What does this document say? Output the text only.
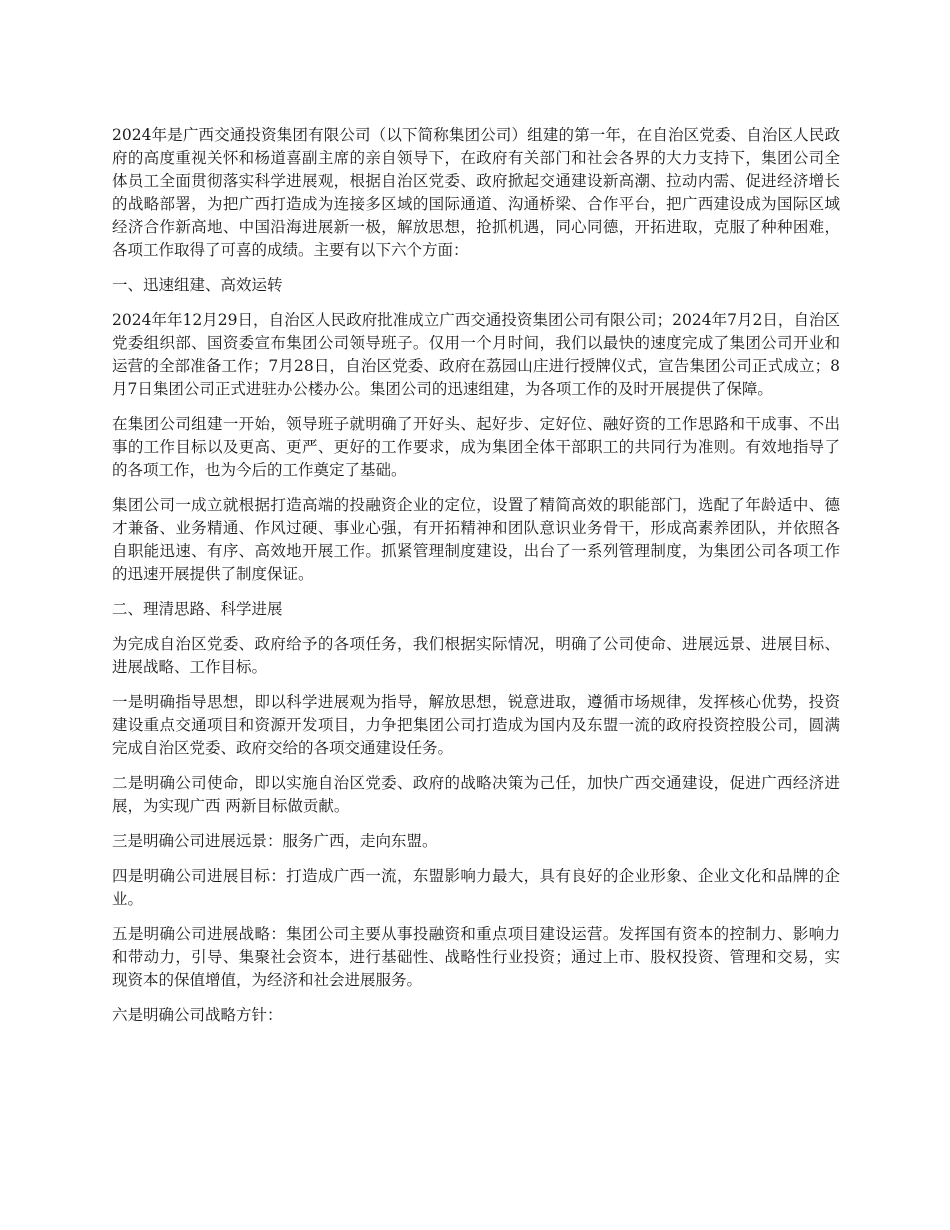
2024年是广西交通投资集团有限公司（以下简称集团公司）组建的第一年，在自治区党委、自治区人民政府的高度重视关怀和杨道喜副主席的亲自领导下，在政府有关部门和社会各界的大力支持下，集团公司全体员工全面贯彻落实科学进展观，根据自治区党委、政府掀起交通建设新高潮、拉动内需、促进经济增长的战略部署，为把广西打造成为连接多区域的国际通道、沟通桥梁、合作平台，把广西建设成为国际区域经济合作新高地、中国沿海进展新一极，解放思想，抢抓机遇，同心同德，开拓进取，克服了种种困难，各项工作取得了可喜的成绩。主要有以下六个方面：

一、迅速组建、高效运转

2024年年12月29日，自治区人民政府批准成立广西交通投资集团公司有限公司；2024年7月2日，自治区党委组织部、国资委宣布集团公司领导班子。仅用一个月时间，我们以最快的速度完成了集团公司开业和运营的全部准备工作；7月28日，自治区党委、政府在荔园山庄进行授牌仪式，宣告集团公司正式成立；8月7日集团公司正式进驻办公楼办公。集团公司的迅速组建，为各项工作的及时开展提供了保障。

在集团公司组建一开始，领导班子就明确了开好头、起好步、定好位、融好资的工作思路和干成事、不出事的工作目标以及更高、更严、更好的工作要求，成为集团全体干部职工的共同行为准则。有效地指导了的各项工作，也为今后的工作奠定了基础。

集团公司一成立就根据打造高端的投融资企业的定位，设置了精简高效的职能部门，选配了年龄适中、德才兼备、业务精通、作风过硬、事业心强，有开拓精神和团队意识业务骨干，形成高素养团队，并依照各自职能迅速、有序、高效地开展工作。抓紧管理制度建设，出台了一系列管理制度，为集团公司各项工作的迅速开展提供了制度保证。

二、理清思路、科学进展

为完成自治区党委、政府给予的各项任务，我们根据实际情况，明确了公司使命、进展远景、进展目标、进展战略、工作目标。

一是明确指导思想，即以科学进展观为指导，解放思想，锐意进取，遵循市场规律，发挥核心优势，投资建设重点交通项目和资源开发项目，力争把集团公司打造成为国内及东盟一流的政府投资控股公司，圆满完成自治区党委、政府交给的各项交通建设任务。

二是明确公司使命，即以实施自治区党委、政府的战略决策为己任，加快广西交通建设，促进广西经济进展，为实现广西 两新目标做贡献。

三是明确公司进展远景：服务广西，走向东盟。

四是明确公司进展目标：打造成广西一流，东盟影响力最大，具有良好的企业形象、企业文化和品牌的企业。

五是明确公司进展战略：集团公司主要从事投融资和重点项目建设运营。发挥国有资本的控制力、影响力和带动力，引导、集聚社会资本，进行基础性、战略性行业投资；通过上市、股权投资、管理和交易，实现资本的保值增值，为经济和社会进展服务。

六是明确公司战略方针：
